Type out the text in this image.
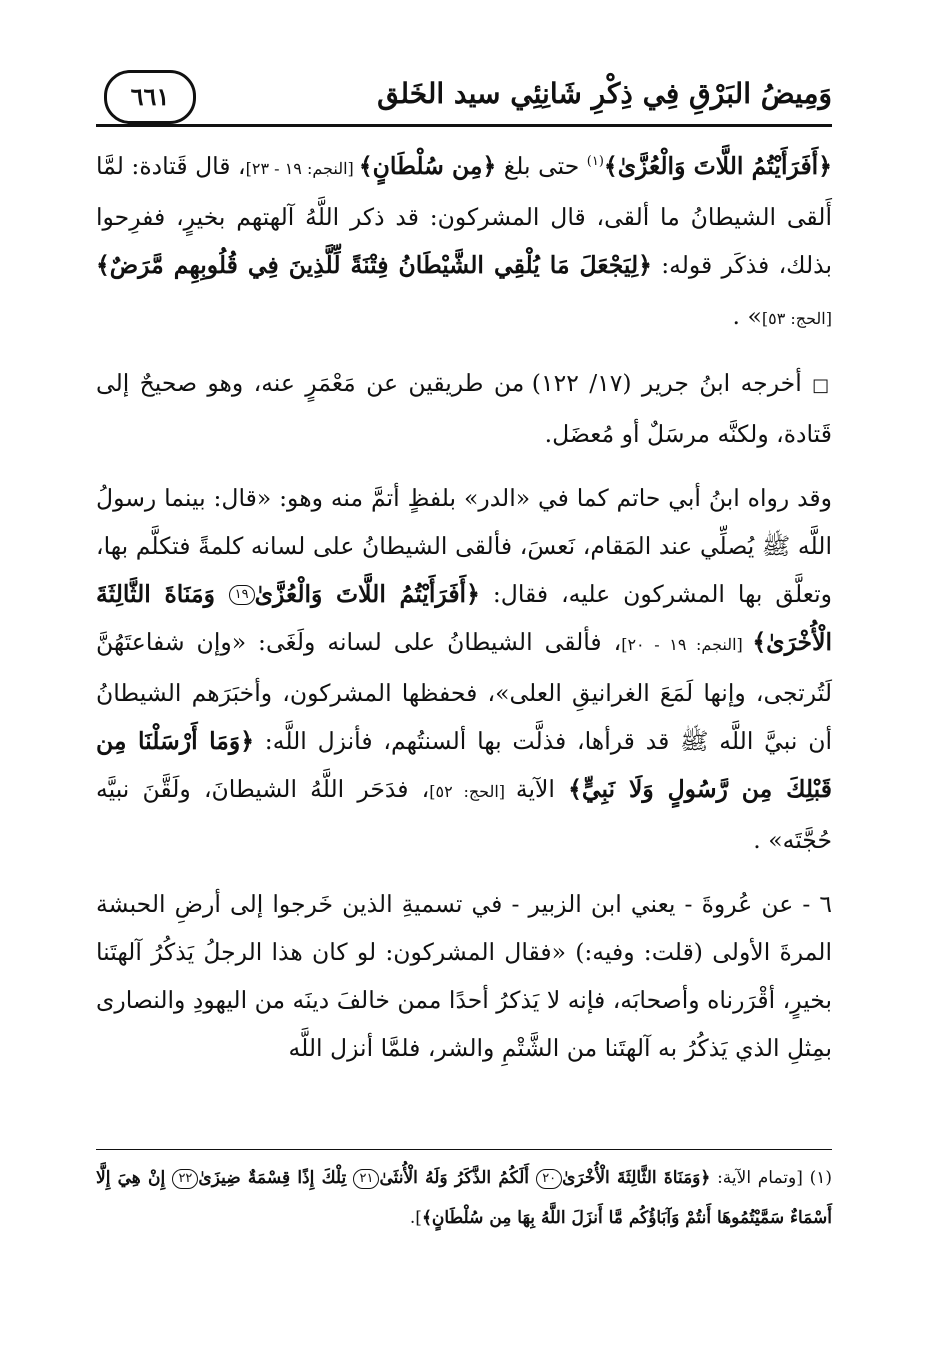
وَمِيضُ البَرْقِ فِي ذِكْرِ شَانِئِي سيد الخَلق
٦٦١

﴿أَفَرَأَيْتُمُ اللَّاتَ وَالْعُزَّىٰ﴾$^{(١)}$ حتى بلغ ﴿مِن سُلْطَانٍ﴾ [النجم: ١٩ - ٢٣]، قال قَتادة: لمَّا أَلقى الشيطانُ ما ألقى، قال المشركون: قد ذكر اللَّهُ آلهتهم بخيرٍ، ففرِحوا بذلك، فذكَر قوله: ﴿لِيَجْعَلَ مَا يُلْقِي الشَّيْطَانُ فِتْنَةً لِّلَّذِينَ فِي قُلُوبِهِم مَّرَضٌ﴾ [الحج: ٥٣]» .

□ أخرجه ابنُ جرير (١٧/ ١٢٢) من طريقين عن مَعْمَرٍ عنه، وهو صحيحٌ إلى قَتادة، ولكنَّه مرسَلٌ أو مُعضَل.

وقد رواه ابنُ أبي حاتم كما في «الدر» بلفظٍ أتمَّ منه وهو: «قال: بينما رسولُ اللَّه ﷺ يُصلِّي عند المَقام، نَعسَ، فألقى الشيطانُ على لسانه كلمةً فتكلَّم بها، وتعلَّق بها المشركون عليه، فقال: ﴿أَفَرَأَيْتُمُ اللَّاتَ وَالْعُزَّىٰ١٩ وَمَنَاةَ الثَّالِثَةَ الْأُخْرَىٰ﴾ [النجم: ١٩ - ٢٠]، فألقى الشيطانُ على لسانه ولَغَى: «وإن شفاعتَهُنَّ لَتُرتجى، وإنها لَمَعَ الغرانيقِ العلى»، فحفظها المشركون، وأخبَرَهم الشيطانُ أن نبيَّ اللَّه ﷺ قد قرأها، فذلَّت بها ألسنتُهم، فأنزل اللَّه: ﴿وَمَا أَرْسَلْنَا مِن قَبْلِكَ مِن رَّسُولٍ وَلَا نَبِيٍّ﴾ الآية [الحج: ٥٢]، فدَحَر اللَّهُ الشيطانَ، ولَقَّنَ نبيَّه حُجَّتَه» .

٦ - عن عُروةَ - يعني ابن الزبير - في تسميةِ الذين خَرجوا إلى أرضِ الحبشة المرةَ الأولى (قلت: وفيه:) «فقال المشركون: لو كان هذا الرجلُ يَذكُرُ آلهتَنا بخيرٍ، أقْرَرناه وأصحابَه، فإنه لا يَذكرُ أحدًا ممن خالفَ دينَه من اليهودِ والنصارى بمِثلِ الذي يَذكُرُ به آلهتَنا من الشَّتْمِ والشر، فلمَّا أنزل اللَّه

(١) [وتمام الآية: ﴿وَمَنَاةَ الثَّالِثَةَ الْأُخْرَىٰ٢٠ أَلَكُمُ الذَّكَرُ وَلَهُ الْأُنثَىٰ٢١ تِلْكَ إِذًا قِسْمَةٌ ضِيزَىٰ٢٢ إِنْ هِيَ إِلَّا أَسْمَاءٌ سَمَّيْتُمُوهَا أَنتُمْ وَآبَاؤُكُم مَّا أَنزَلَ اللَّهُ بِهَا مِن سُلْطَانٍ﴾].
